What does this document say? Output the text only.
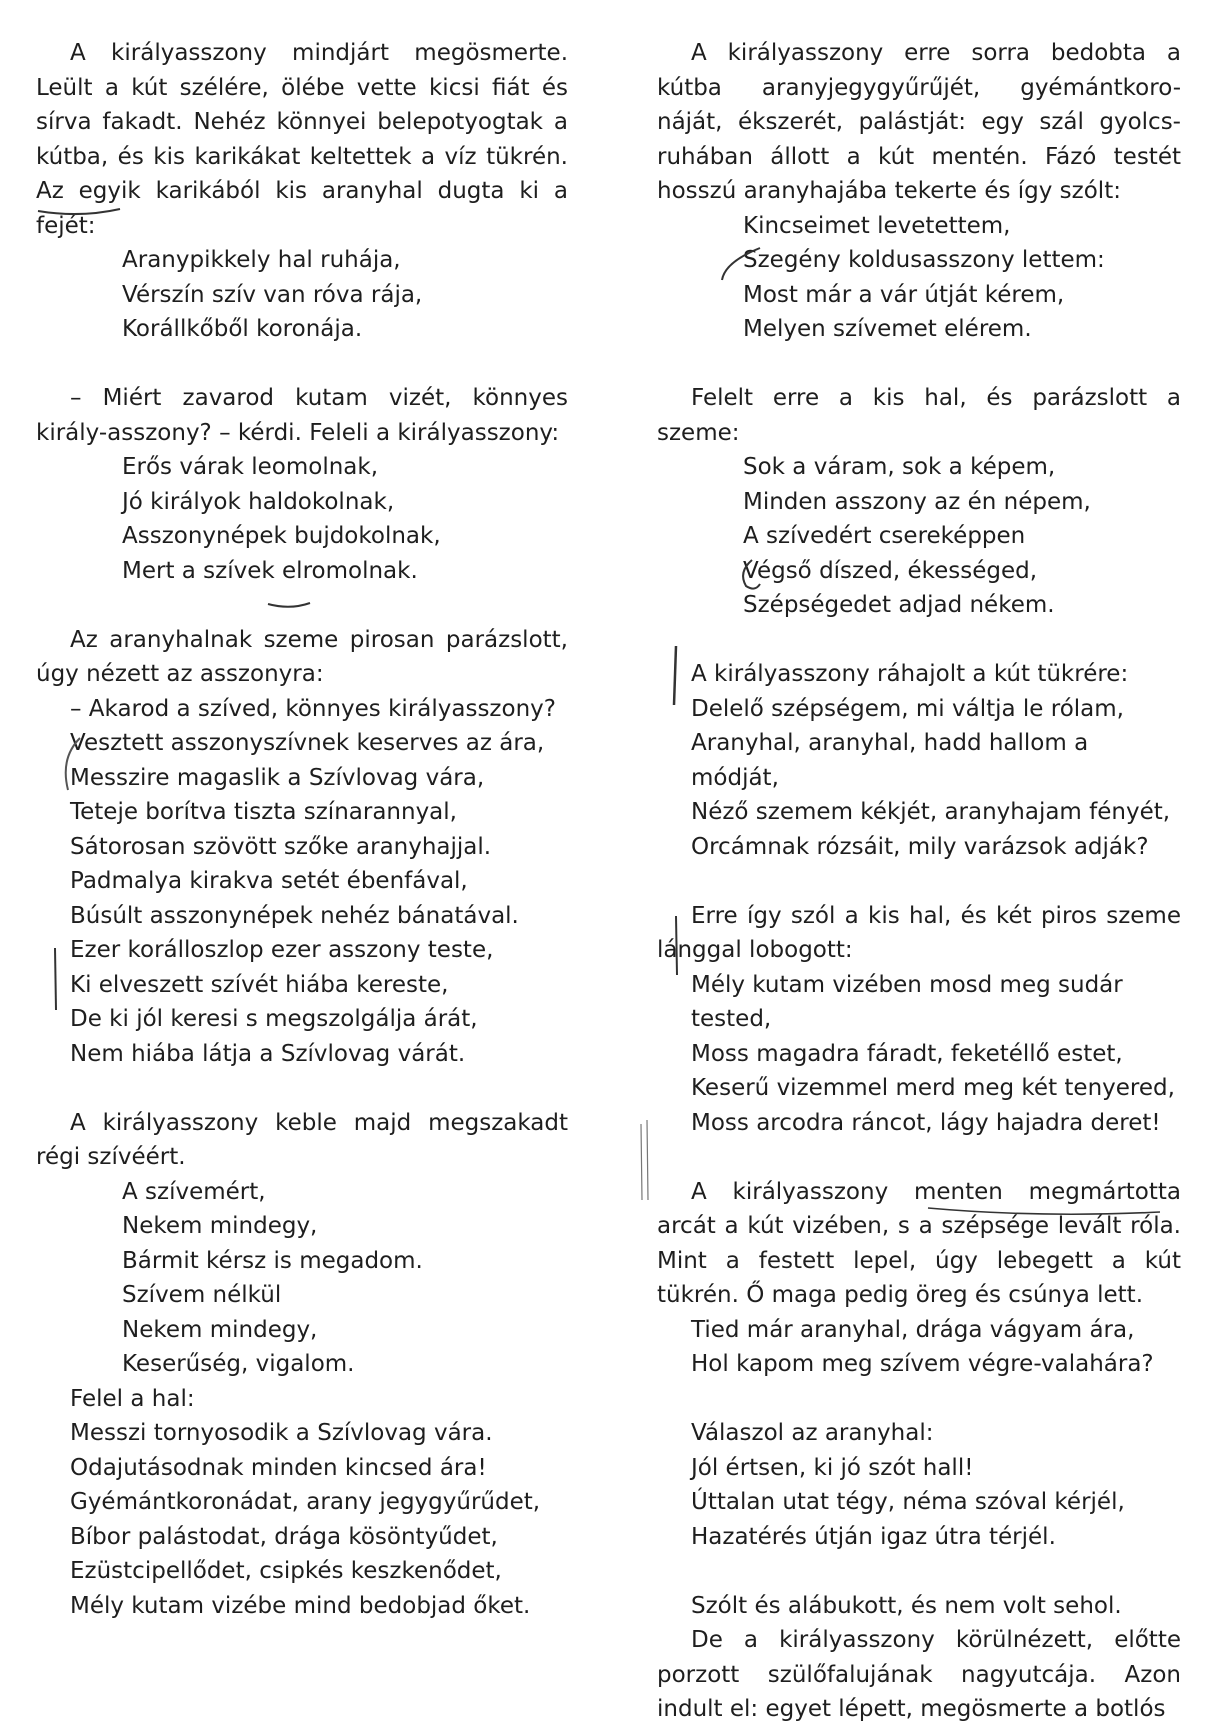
A királyasszony mindjárt megösmerte. Leült a kút szélére, ölébe vette kicsi fiát és sírva fakadt. Nehéz könnyei belepotyogtak a kútba, és kis karikákat keltettek a víz tükrén. Az egyik karikából kis aranyhal dugta ki a fejét:
Aranypikkely hal ruhája,
Vérszín szív van róva rája,
Korállkőből koronája.
– Miért zavarod kutam vizét, könnyes király-asszony? – kérdi. Feleli a királyasszony:
Erős várak leomolnak,
Jó királyok haldokolnak,
Asszonynépek bujdokolnak,
Mert a szívek elromolnak.
Az aranyhalnak szeme pirosan parázslott, úgy nézett az asszonyra:
– Akarod a szíved, könnyes királyasszony?
Vesztett asszonyszívnek keserves az ára,
Messzire magaslik a Szívlovag vára,
Teteje borítva tiszta színarannyal,
Sátorosan szövött szőke aranyhajjal.
Padmalya kirakva setét ébenfával,
Búsúlt asszonynépek nehéz bánatával.
Ezer korálloszlop ezer asszony teste,
Ki elveszett szívét hiába kereste,
De ki jól keresi s megszolgálja árát,
Nem hiába látja a Szívlovag várát.
A királyasszony keble majd megszakadt régi szívéért.
A szívemért,
Nekem mindegy,
Bármit kérsz is megadom.
Szívem nélkül
Nekem mindegy,
Keserűség, vigalom.
Felel a hal:
Messzi tornyosodik a Szívlovag vára.
Odajutásodnak minden kincsed ára!
Gyémántkoronádat, arany jegygyűrűdet,
Bíbor palástodat, drága kösöntyűdet,
Ezüstcipellődet, csipkés keszkenődet,
Mély kutam vizébe mind bedobjad őket.
A királyasszony erre sorra bedobta a kútba aranyjegygyűrűjét, gyémántkoro-náját, ékszerét, palástját: egy szál gyolcs-ruhában állott a kút mentén. Fázó testét hosszú aranyhajába tekerte és így szólt:
Kincseimet levetettem,
Szegény koldusasszony lettem:
Most már a vár útját kérem,
Melyen szívemet elérem.
Felelt erre a kis hal, és parázslott a szeme:
Sok a váram, sok a képem,
Minden asszony az én népem,
A szívedért csereképpen
Végső díszed, ékességed,
Szépségedet adjad nékem.
A királyasszony ráhajolt a kút tükrére:
Delelő szépségem, mi váltja le rólam,
Aranyhal, aranyhal, hadd hallom a módját,
Néző szemem kékjét, aranyhajam fényét,
Orcámnak rózsáit, mily varázsok adják?
Erre így szól a kis hal, és két piros szeme lánggal lobogott:
Mély kutam vizében mosd meg sudár tested,
Moss magadra fáradt, feketéllő estet,
Keserű vizemmel merd meg két tenyered,
Moss arcodra ráncot, lágy hajadra deret!
A királyasszony menten megmártotta arcát a kút vizében, s a szépsége levált róla. Mint a festett lepel, úgy lebegett a kút tükrén. Ő maga pedig öreg és csúnya lett.
Tied már aranyhal, drága vágyam ára,
Hol kapom meg szívem végre-valahára?
Válaszol az aranyhal:
Jól értsen, ki jó szót hall!
Úttalan utat tégy, néma szóval kérjél,
Hazatérés útján igaz útra térjél.
Szólt és alábukott, és nem volt sehol.
De a királyasszony körülnézett, előtte porzott szülőfalujának nagyutcája. Azon indult el: egyet lépett, megösmerte a botlós
